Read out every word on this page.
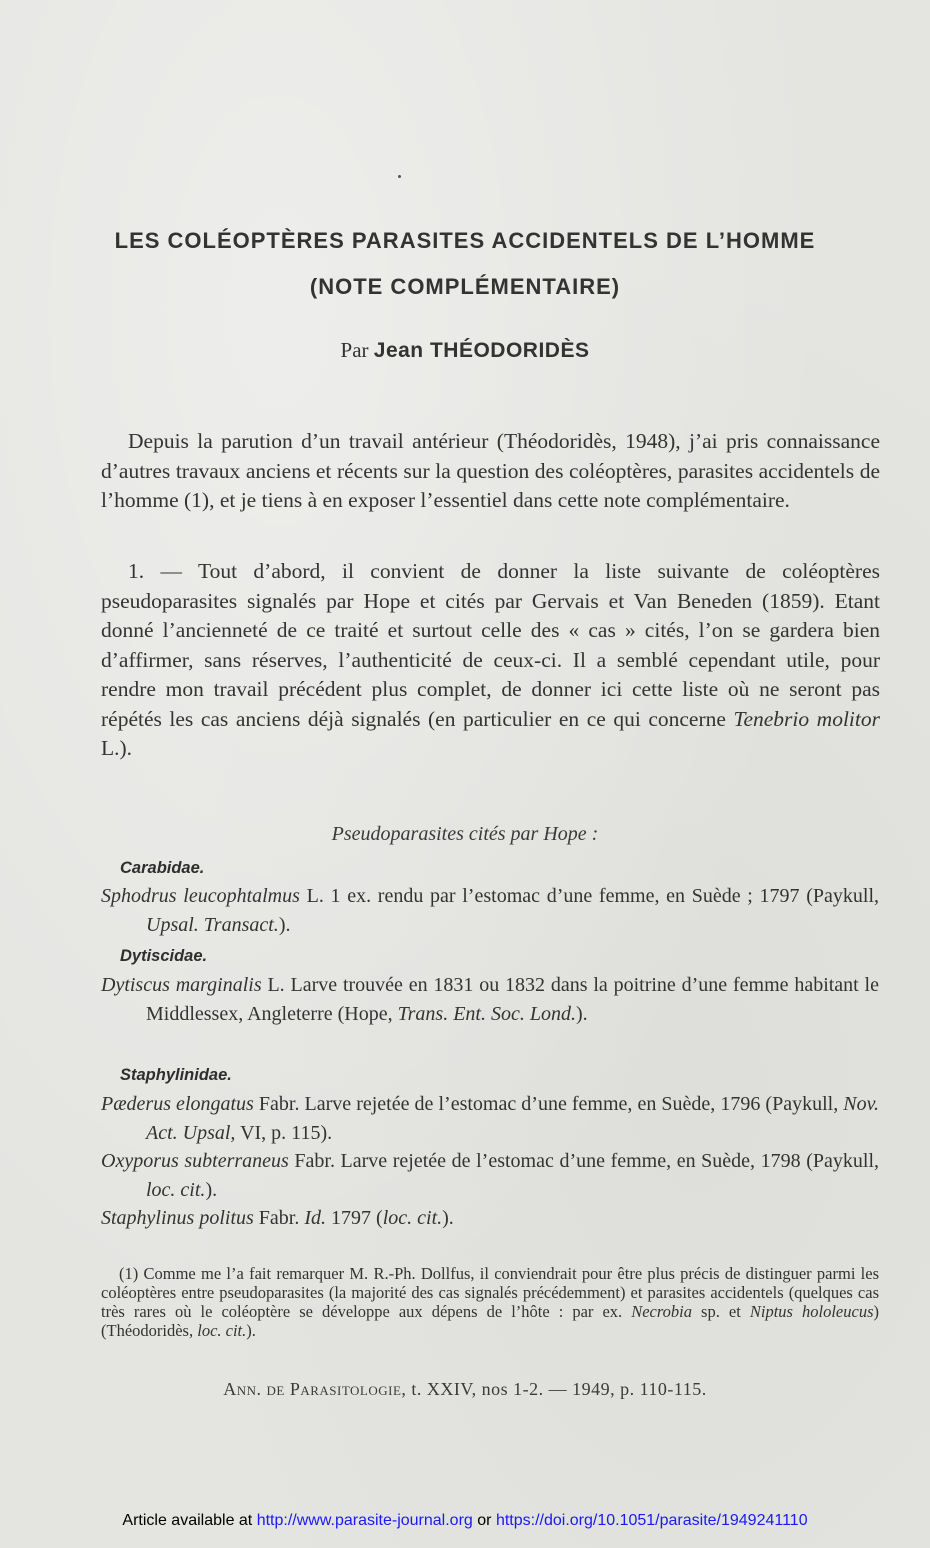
LES COLÉOPTÈRES PARASITES ACCIDENTELS DE L’HOMME
(NOTE COMPLÉMENTAIRE)
Par Jean THÉODORIDÈS
Depuis la parution d’un travail antérieur (Théodoridès, 1948), j’ai pris connaissance d’autres travaux anciens et récents sur la question des coléoptères, parasites accidentels de l’homme (1), et je tiens à en exposer l’essentiel dans cette note complémentaire.
1. — Tout d’abord, il convient de donner la liste suivante de coléoptères pseudoparasites signalés par Hope et cités par Gervais et Van Beneden (1859). Etant donné l’ancienneté de ce traité et surtout celle des « cas » cités, l’on se gardera bien d’affirmer, sans réserves, l’authenticité de ceux-ci. Il a semblé cependant utile, pour rendre mon travail précédent plus complet, de donner ici cette liste où ne seront pas répétés les cas anciens déjà signalés (en particulier en ce qui concerne Tenebrio molitor L.).
Pseudoparasites cités par Hope :
Carabidae.
Sphodrus leucophtalmus L. 1 ex. rendu par l’estomac d’une femme, en Suède ; 1797 (Paykull, Upsal. Transact.).
Dytiscidae.
Dytiscus marginalis L. Larve trouvée en 1831 ou 1832 dans la poitrine d’une femme habitant le Middlessex, Angleterre (Hope, Trans. Ent. Soc. Lond.).
Staphylinidae.
Pæderus elongatus Fabr. Larve rejetée de l’estomac d’une femme, en Suède, 1796 (Paykull, Nov. Act. Upsal, VI, p. 115).
Oxyporus subterraneus Fabr. Larve rejetée de l’estomac d’une femme, en Suède, 1798 (Paykull, loc. cit.).
Staphylinus politus Fabr. Id. 1797 (loc. cit.).
(1) Comme me l’a fait remarquer M. R.-Ph. Dollfus, il conviendrait pour être plus précis de distinguer parmi les coléoptères entre pseudoparasites (la majorité des cas signalés précédemment) et parasites accidentels (quelques cas très rares où le coléoptère se développe aux dépens de l’hôte : par ex. Necrobia sp. et Niptus hololeucus) (Théodoridès, loc. cit.).
Ann. de Parasitologie, t. XXIV, nos 1-2. — 1949, p. 110-115.
Article available at http://www.parasite-journal.org or https://doi.org/10.1051/parasite/1949241110
